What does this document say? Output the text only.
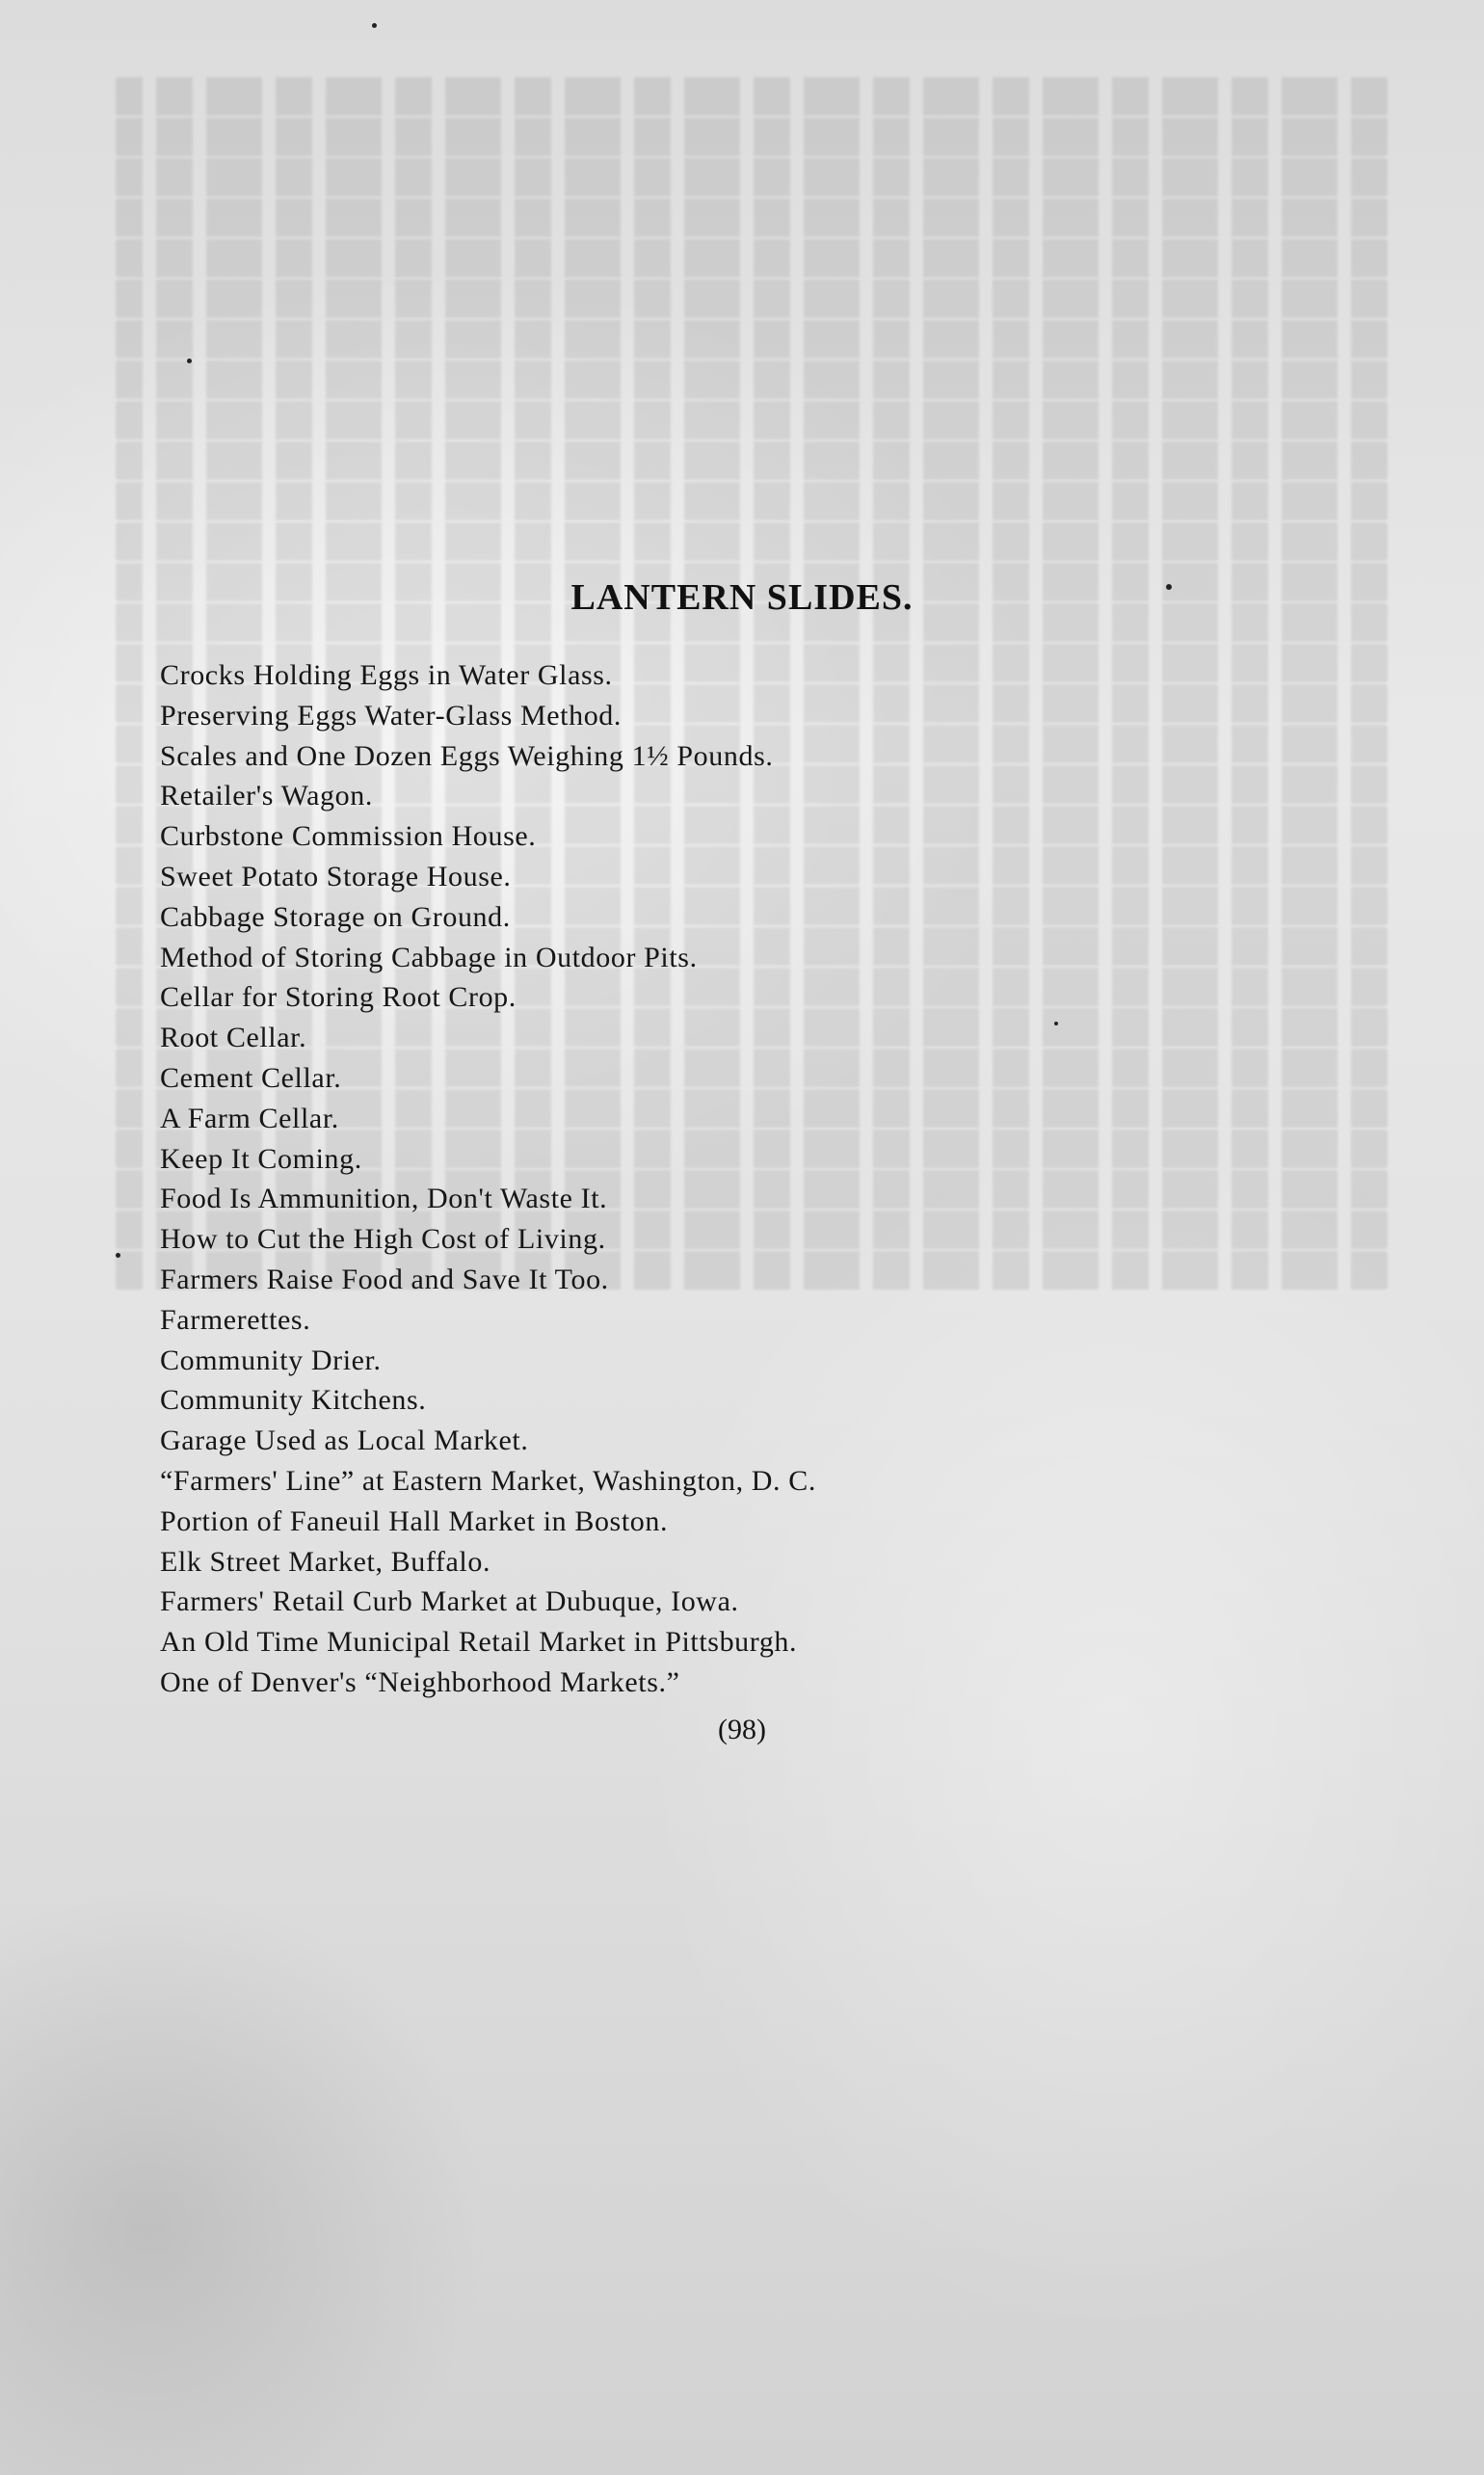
LANTERN SLIDES.
Crocks Holding Eggs in Water Glass.
Preserving Eggs Water-Glass Method.
Scales and One Dozen Eggs Weighing 1½ Pounds.
Retailer's Wagon.
Curbstone Commission House.
Sweet Potato Storage House.
Cabbage Storage on Ground.
Method of Storing Cabbage in Outdoor Pits.
Cellar for Storing Root Crop.
Root Cellar.
Cement Cellar.
A Farm Cellar.
Keep It Coming.
Food Is Ammunition, Don't Waste It.
How to Cut the High Cost of Living.
Farmers Raise Food and Save It Too.
Farmerettes.
Community Drier.
Community Kitchens.
Garage Used as Local Market.
“Farmers' Line” at Eastern Market, Washington, D. C.
Portion of Faneuil Hall Market in Boston.
Elk Street Market, Buffalo.
Farmers' Retail Curb Market at Dubuque, Iowa.
An Old Time Municipal Retail Market in Pittsburgh.
One of Denver's “Neighborhood Markets.”
(98)
